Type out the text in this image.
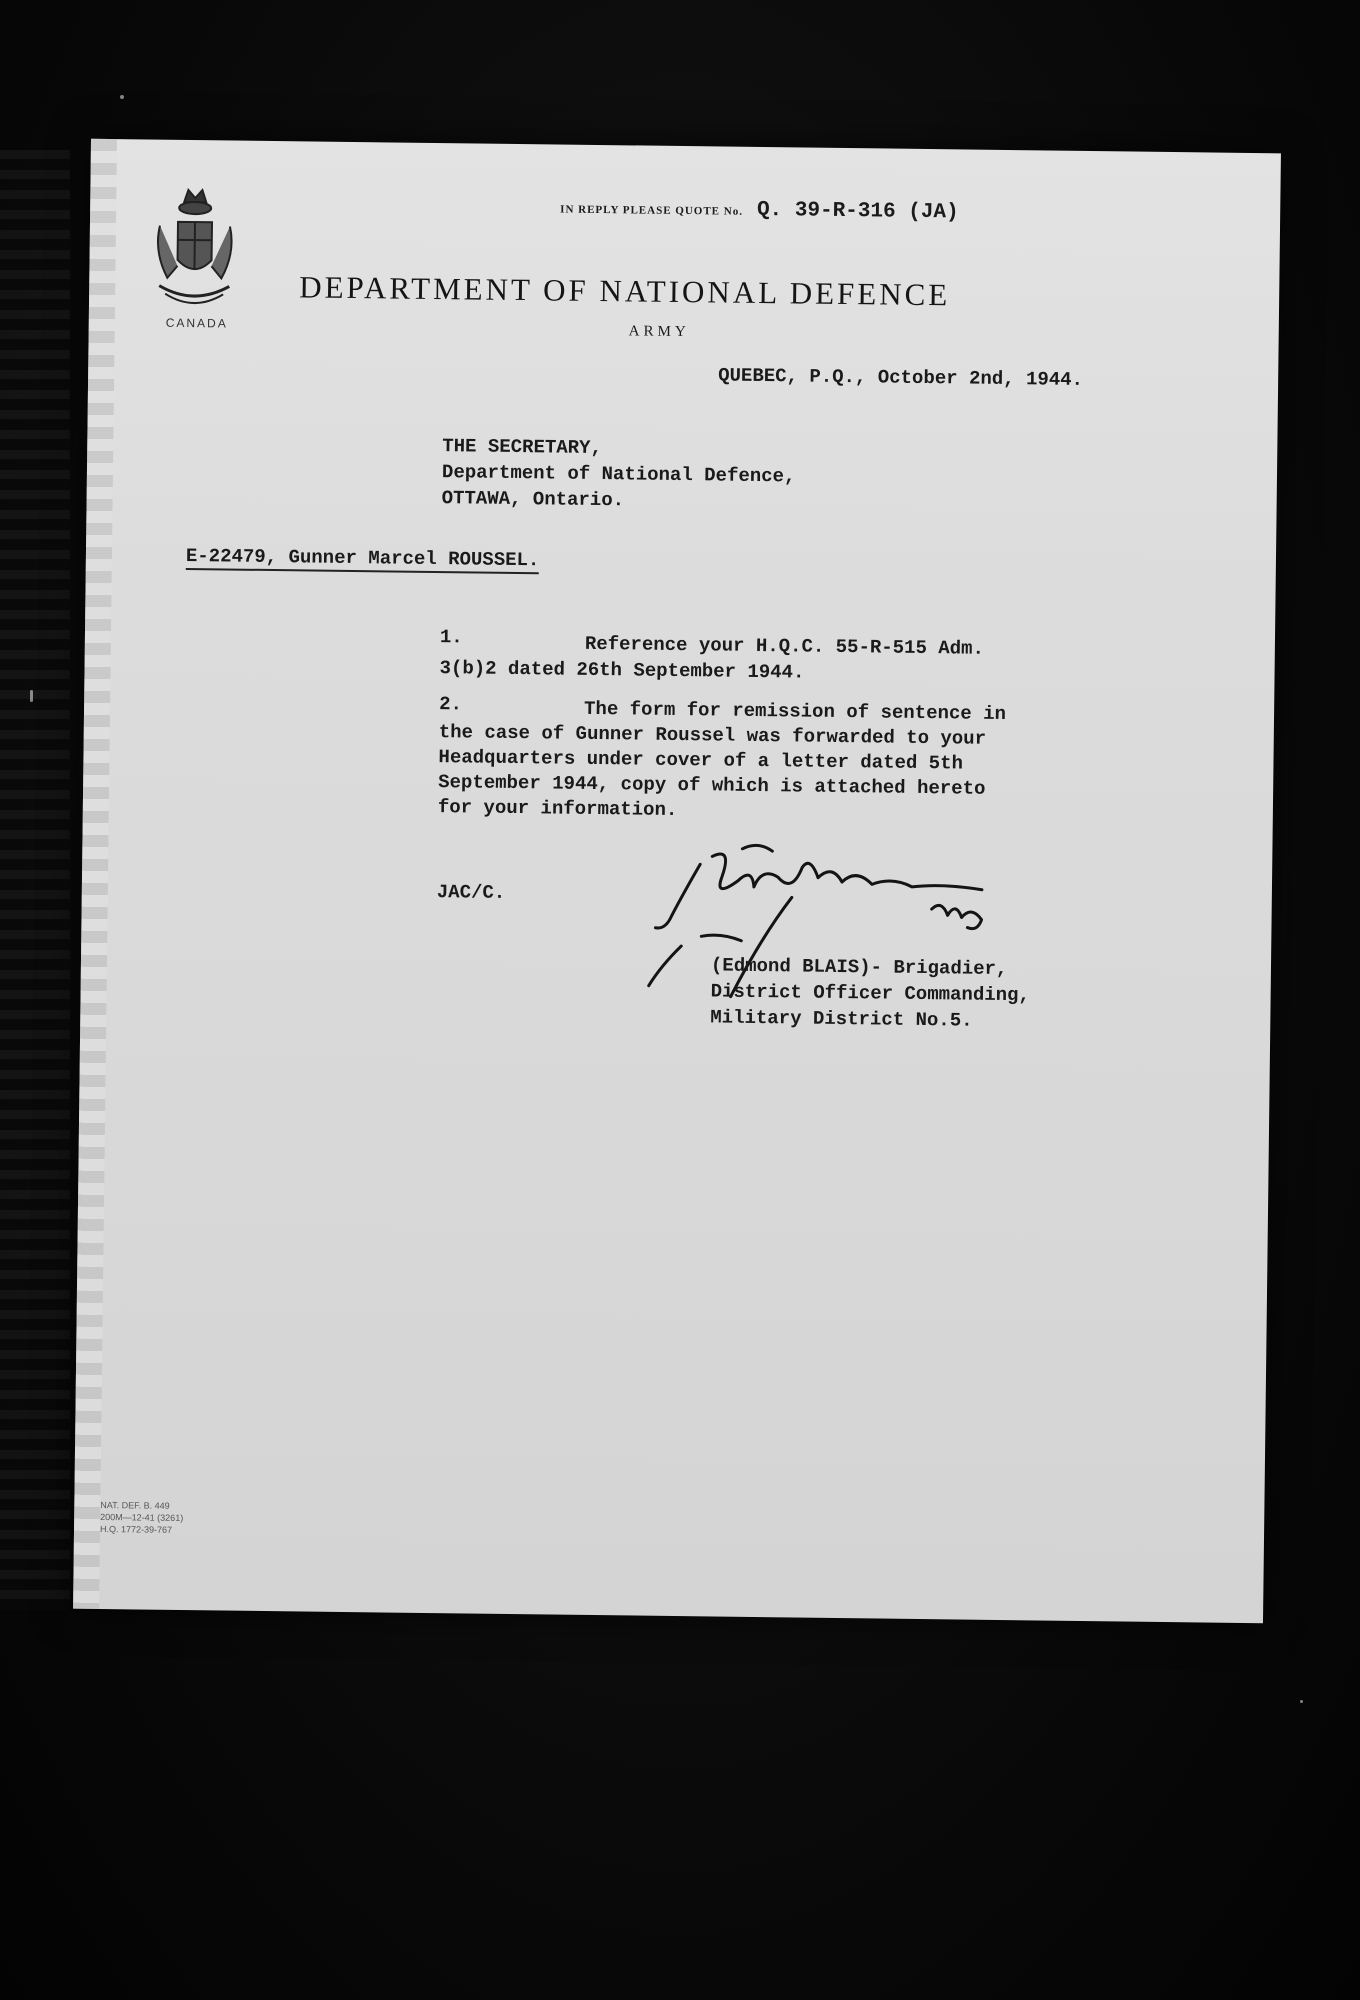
CANADA
IN REPLY PLEASE QUOTE No. Q. 39-R-316 (JA)
DEPARTMENT OF NATIONAL DEFENCE
ARMY
QUEBEC, P.Q., October 2nd, 1944.
THE SECRETARY,
Department of National Defence,
OTTAWA, Ontario.
E-22479, Gunner Marcel ROUSSEL.
1.	Reference your H.Q.C. 55-R-515 Adm.
3(b)2 dated 26th September 1944.
2.	The form for remission of sentence in
the case of Gunner Roussel was forwarded to your
Headquarters under cover of a letter dated 5th
September 1944, copy of which is attached hereto
for your information.
JAC/C.
(Edmond BLAIS)- Brigadier,
District Officer Commanding,
Military District No.5.
NAT. DEF. B. 449
200M—12-41 (3261)
H.Q. 1772-39-767
